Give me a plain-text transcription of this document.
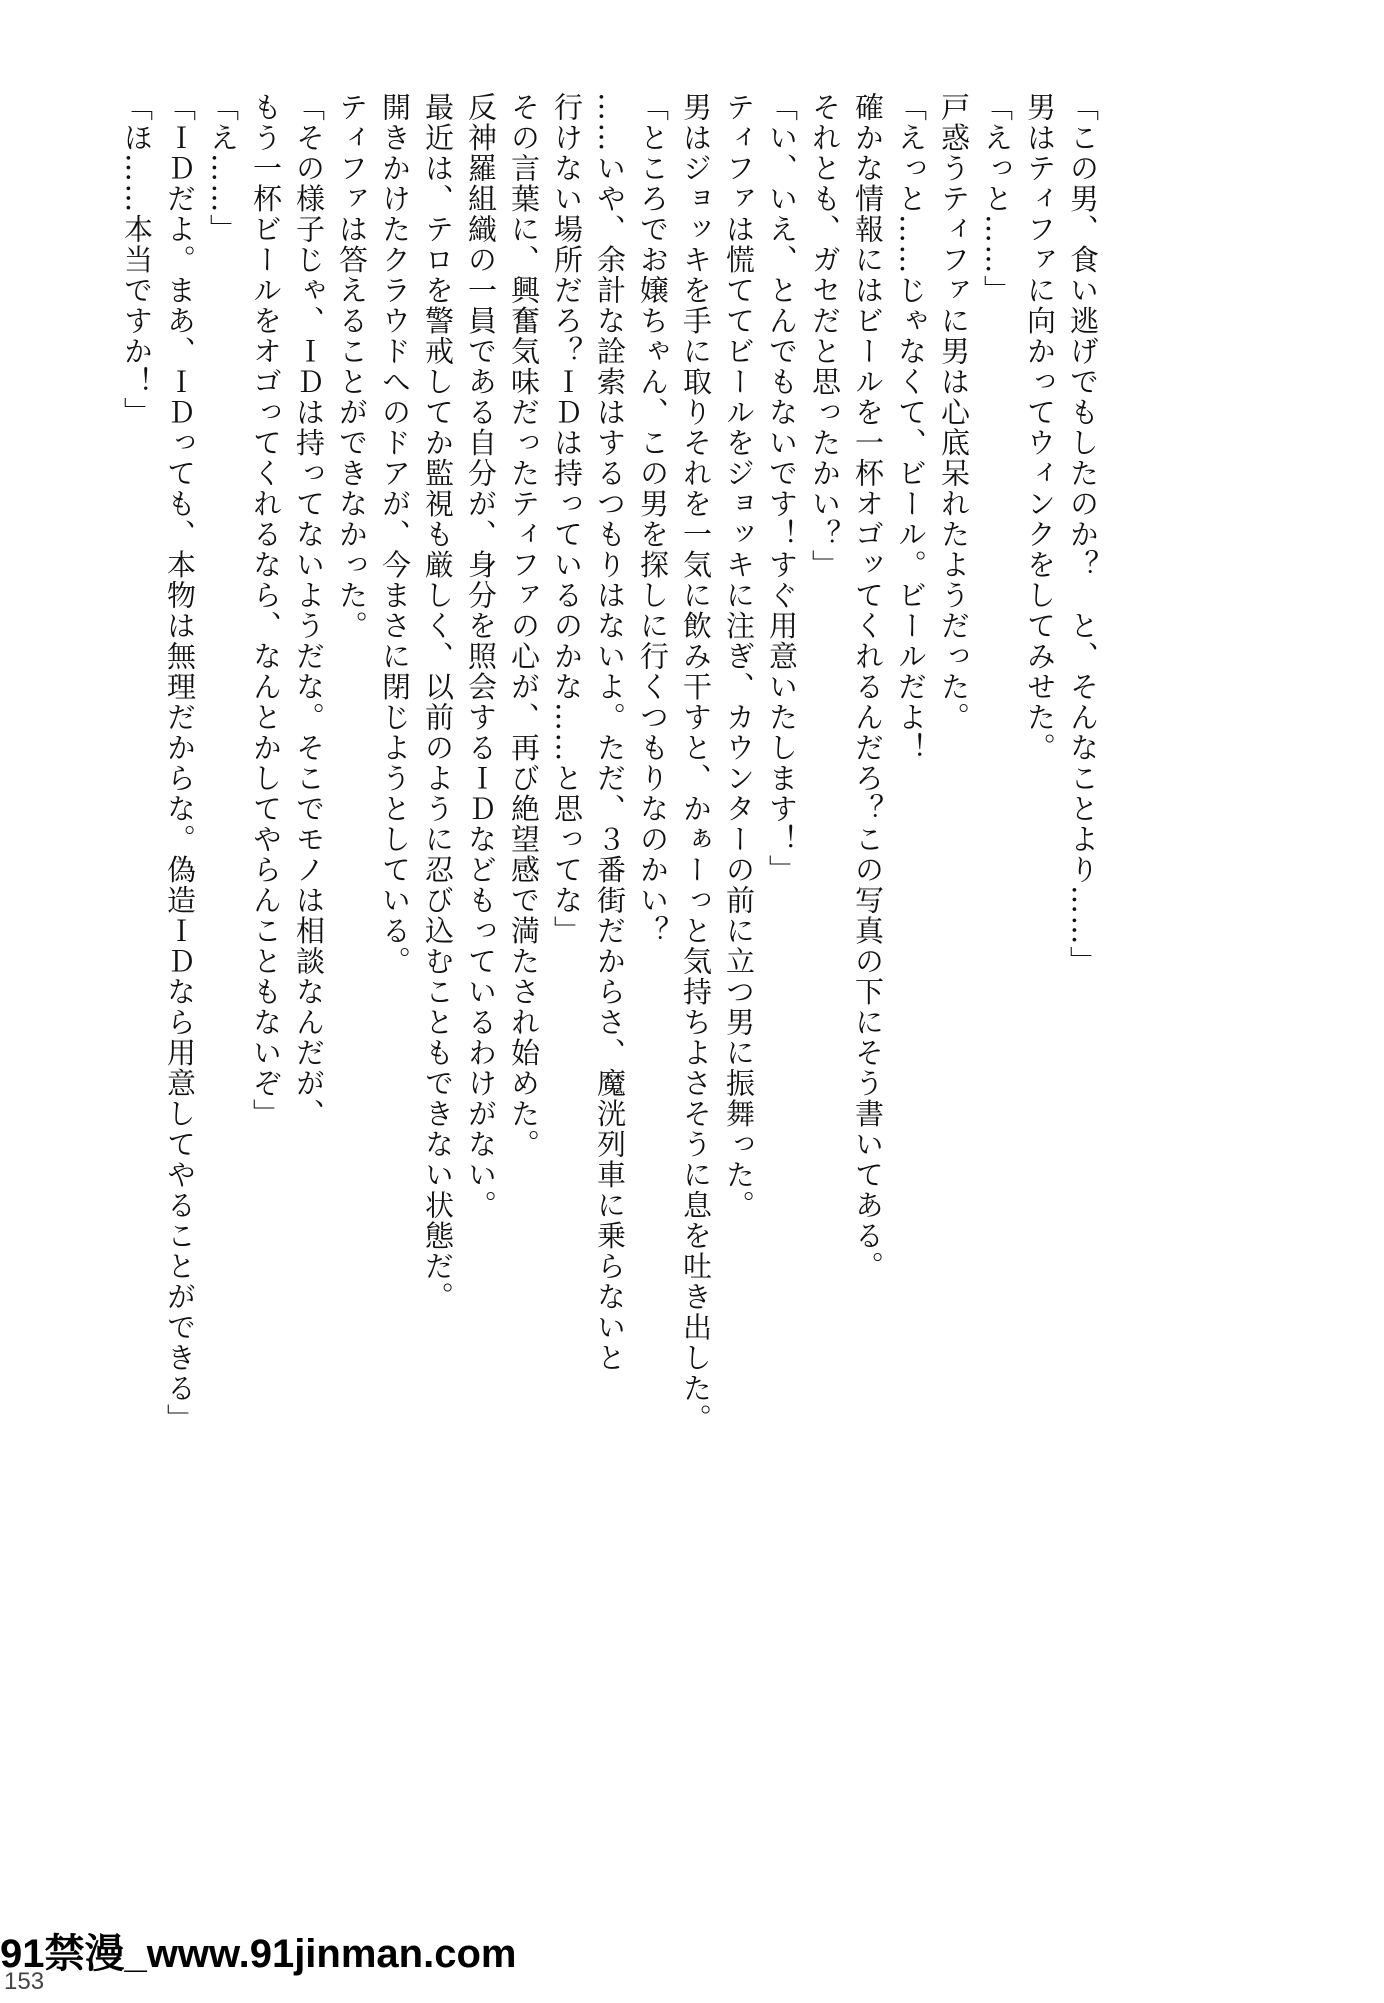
「この男、食い逃げでもしたのか？　と、そんなことより……」
男はティファに向かってウィンクをしてみせた。
「えっと……」
戸惑うティファに男は心底呆れたようだった。
「えっと……じゃなくて、ビール。ビールだよ！
確かな情報にはビールを一杯オゴッてくれるんだろ？この写真の下にそう書いてある。
それとも、ガセだと思ったかい？」
「い、いえ、とんでもないです！すぐ用意いたします！」
ティファは慌ててビールをジョッキに注ぎ、カウンターの前に立つ男に振舞った。
男はジョッキを手に取りそれを一気に飲み干すと、かぁーっと気持ちよさそうに息を吐き出した。
「ところでお嬢ちゃん、この男を探しに行くつもりなのかい？
……いや、余計な詮索はするつもりはないよ。ただ、３番街だからさ、魔洸列車に乗らないと
行けない場所だろ？ＩＤは持っているのかな……と思ってな」
その言葉に、興奮気味だったティファの心が、再び絶望感で満たされ始めた。
反神羅組織の一員である自分が、身分を照会するＩＤなどもっているわけがない。
最近は、テロを警戒してか監視も厳しく、以前のように忍び込むこともできない状態だ。
開きかけたクラウドへのドアが、今まさに閉じようとしている。
ティファは答えることができなかった。
「その様子じゃ、ＩＤは持ってないようだな。そこでモノは相談なんだが、
もう一杯ビールをオゴってくれるなら、なんとかしてやらんこともないぞ」
「え……」
「ＩＤだよ。まあ、ＩＤっても、本物は無理だからな。偽造ＩＤなら用意してやることができる」
「ほ……本当ですか！」
91禁漫_www.91jinman.com
153
